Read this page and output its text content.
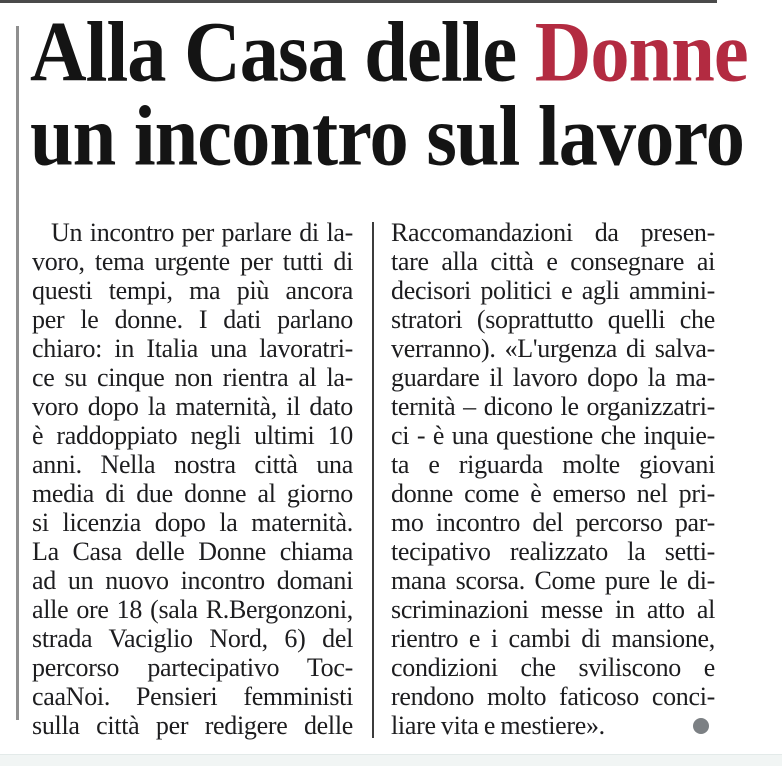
Alla Casa delle Donne
un incontro sul lavoro
Un incontro per parlare di la-
voro, tema urgente per tutti di
questi tempi, ma più ancora
per le donne. I dati parlano
chiaro: in Italia una lavoratri-
ce su cinque non rientra al la-
voro dopo la maternità, il dato
è raddoppiato negli ultimi 10
anni. Nella nostra città una
media di due donne al giorno
si licenzia dopo la maternità.
La Casa delle Donne chiama
ad un nuovo incontro domani
alle ore 18 (sala R.Bergonzoni,
strada Vaciglio Nord, 6) del
percorso partecipativo Toc-
caaNoi. Pensieri femministi
sulla città per redigere delle
Raccomandazioni da presen-
tare alla città e consegnare ai
decisori politici e agli ammini-
stratori (soprattutto quelli che
verranno). «L'urgenza di salva-
guardare il lavoro dopo la ma-
ternità – dicono le organizzatri-
ci - è una questione che inquie-
ta e riguarda molte giovani
donne come è emerso nel pri-
mo incontro del percorso par-
tecipativo realizzato la setti-
mana scorsa. Come pure le di-
scriminazioni messe in atto al
rientro e i cambi di mansione,
condizioni che sviliscono e
rendono molto faticoso conci-
liare vita e mestiere».
